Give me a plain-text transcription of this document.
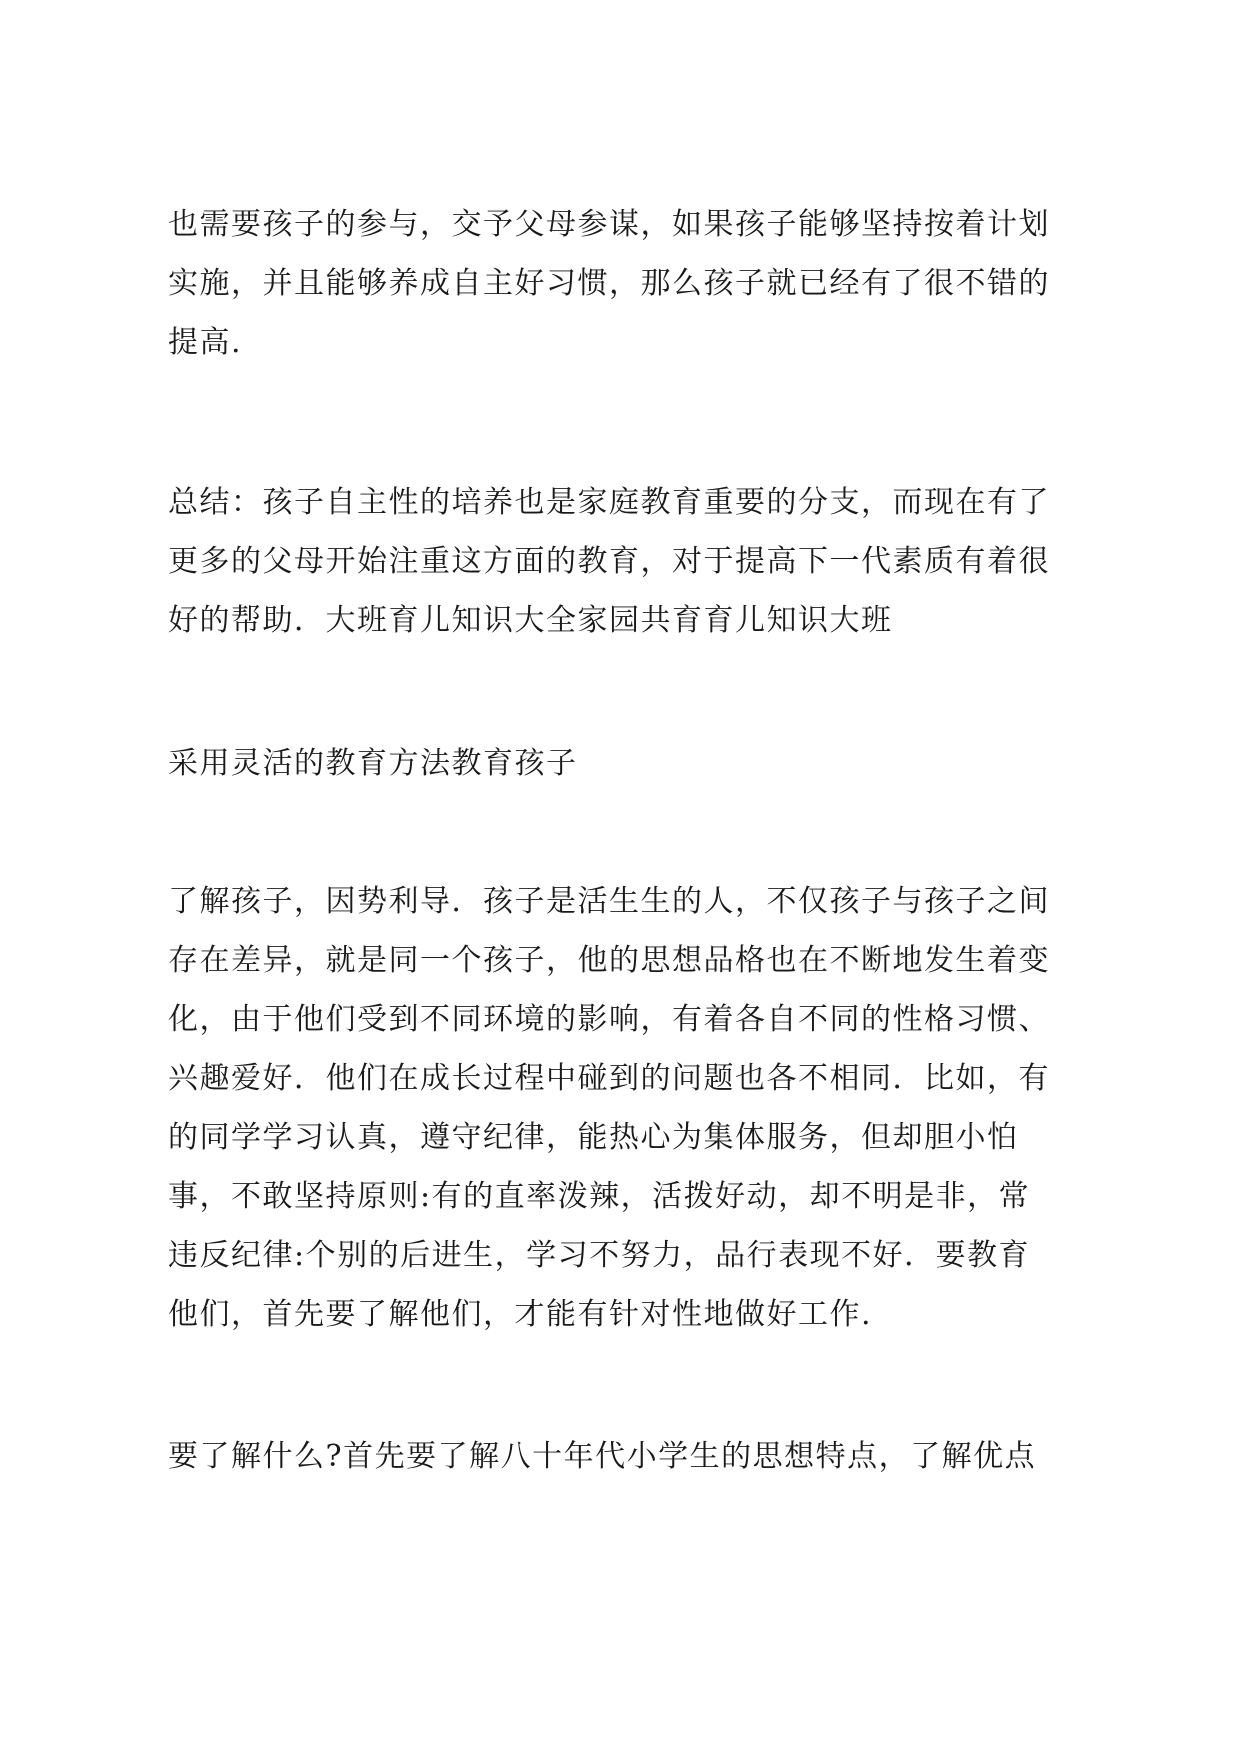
也需要孩子的参与，交予父母参谋，如果孩子能够坚持按着计划
实施，并且能够养成自主好习惯，那么孩子就已经有了很不错的
提高.
总结：孩子自主性的培养也是家庭教育重要的分支，而现在有了
更多的父母开始注重这方面的教育，对于提高下一代素质有着很
好的帮助．大班育儿知识大全家园共育育儿知识大班
采用灵活的教育方法教育孩子
了解孩子，因势利导．孩子是活生生的人，不仅孩子与孩子之间
存在差异，就是同一个孩子，他的思想品格也在不断地发生着变
化，由于他们受到不同环境的影响，有着各自不同的性格习惯、
兴趣爱好．他们在成长过程中碰到的问题也各不相同．比如，有
的同学学习认真，遵守纪律，能热心为集体服务，但却胆小怕
事，不敢坚持原则:有的直率泼辣，活拨好动，却不明是非，常
违反纪律:个别的后进生，学习不努力，品行表现不好．要教育
他们，首先要了解他们，才能有针对性地做好工作.
要了解什么?首先要了解八十年代小学生的思想特点，了解优点
